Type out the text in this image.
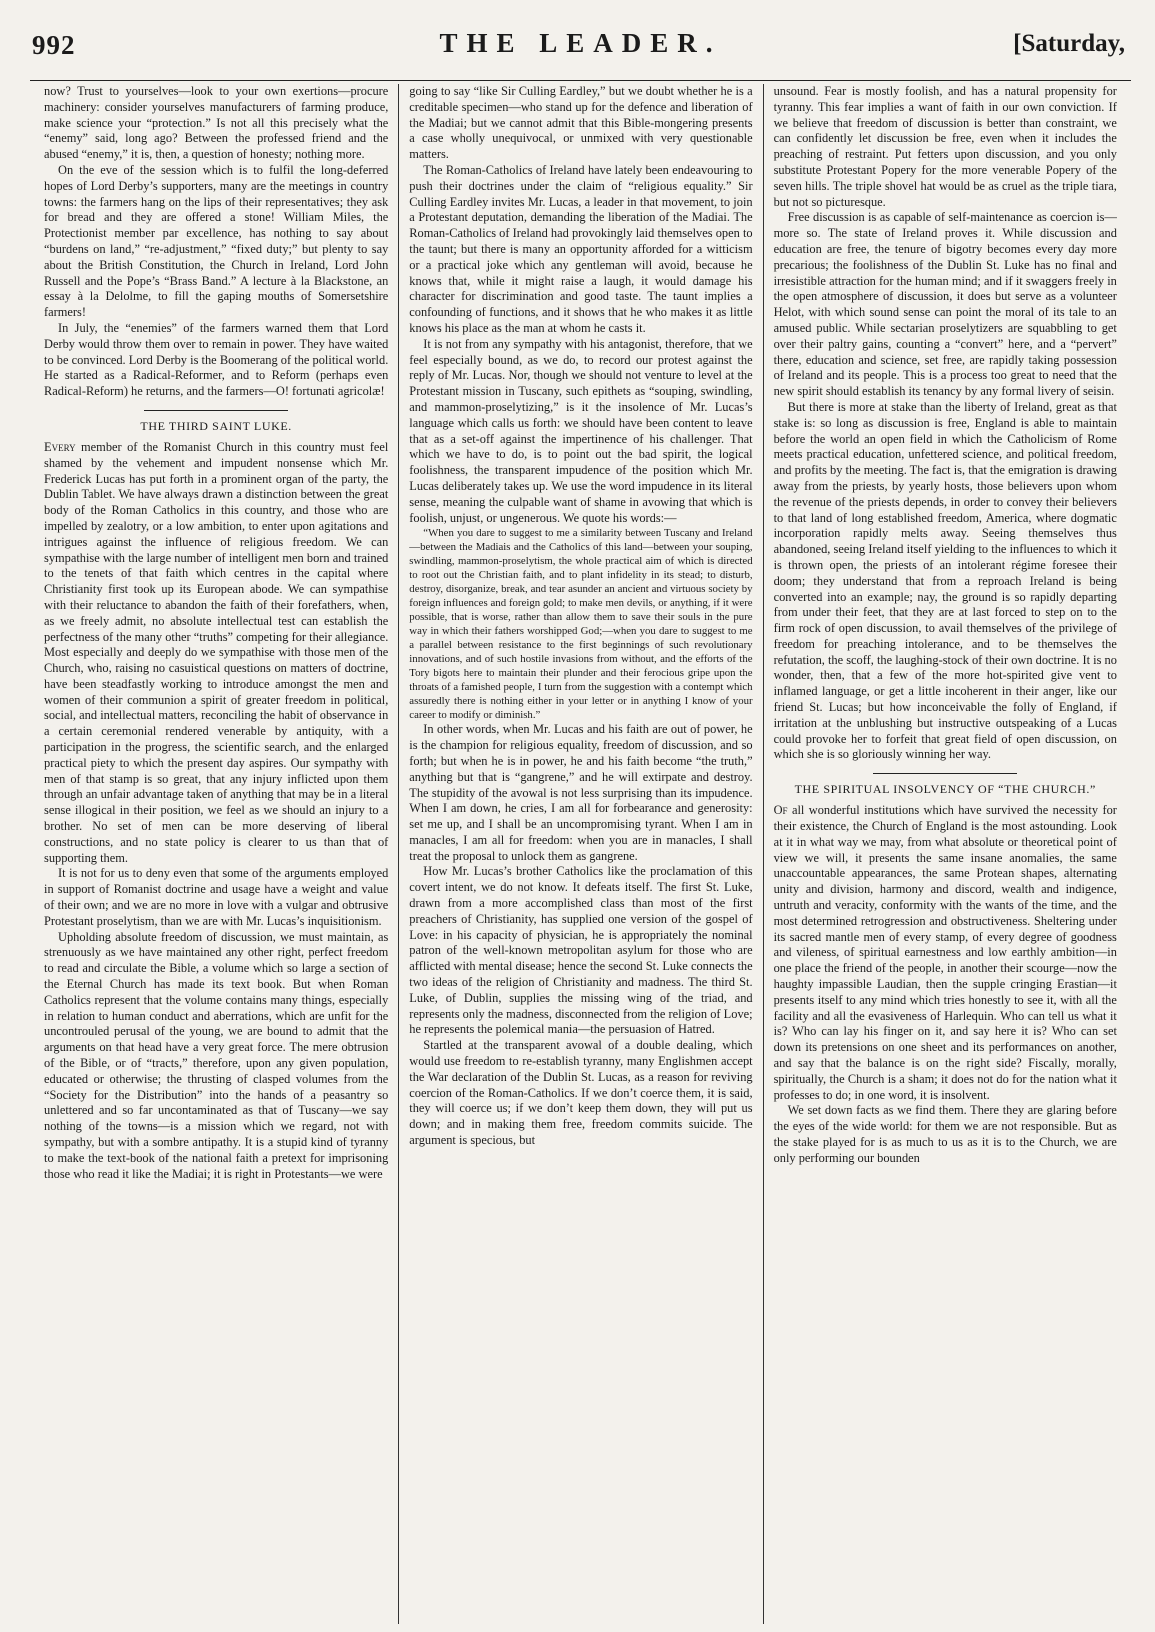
992	THE LEADER.	[Saturday,

now? Trust to yourselves—look to your own exertions—procure machinery: consider yourselves manufacturers of farming produce, make science your “protection.” Is not all this precisely what the “enemy” said, long ago? Between the professed friend and the abused “enemy,” it is, then, a question of honesty; nothing more.

On the eve of the session which is to fulfil the long-deferred hopes of Lord Derby’s supporters, many are the meetings in country towns: the farmers hang on the lips of their representatives; they ask for bread and they are offered a stone! William Miles, the Protectionist member par excellence, has nothing to say about “burdens on land,” “re-adjustment,” “fixed duty;” but plenty to say about the British Constitution, the Church in Ireland, Lord John Russell and the Pope’s “Brass Band.” A lecture à la Blackstone, an essay à la Delolme, to fill the gaping mouths of Somersetshire farmers!

In July, the “enemies” of the farmers warned them that Lord Derby would throw them over to remain in power. They have waited to be convinced. Lord Derby is the Boomerang of the political world. He started as a Radical-Reformer, and to Reform (perhaps even Radical-Reform) he returns, and the farmers—O! fortunati agricolæ!

THE THIRD SAINT LUKE.

Every member of the Romanist Church in this country must feel shamed by the vehement and impudent nonsense which Mr. Frederick Lucas has put forth in a prominent organ of the party, the Dublin Tablet. We have always drawn a distinction between the great body of the Roman Catholics in this country, and those who are impelled by zealotry, or a low ambition, to enter upon agitations and intrigues against the influence of religious freedom. We can sympathise with the large number of intelligent men born and trained to the tenets of that faith which centres in the capital where Christianity first took up its European abode. We can sympathise with their reluctance to abandon the faith of their forefathers, when, as we freely admit, no absolute intellectual test can establish the perfectness of the many other “truths” competing for their allegiance. Most especially and deeply do we sympathise with those men of the Church, who, raising no casuistical questions on matters of doctrine, have been steadfastly working to introduce amongst the men and women of their communion a spirit of greater freedom in political, social, and intellectual matters, reconciling the habit of observance in a certain ceremonial rendered venerable by antiquity, with a participation in the progress, the scientific search, and the enlarged practical piety to which the present day aspires. Our sympathy with men of that stamp is so great, that any injury inflicted upon them through an unfair advantage taken of anything that may be in a literal sense illogical in their position, we feel as we should an injury to a brother. No set of men can be more deserving of liberal constructions, and no state policy is clearer to us than that of supporting them.

It is not for us to deny even that some of the arguments employed in support of Romanist doctrine and usage have a weight and value of their own; and we are no more in love with a vulgar and obtrusive Protestant proselytism, than we are with Mr. Lucas’s inquisitionism.

Upholding absolute freedom of discussion, we must maintain, as strenuously as we have maintained any other right, perfect freedom to read and circulate the Bible, a volume which so large a section of the Eternal Church has made its text book. But when Roman Catholics represent that the volume contains many things, especially in relation to human conduct and aberrations, which are unfit for the uncontrouled perusal of the young, we are bound to admit that the arguments on that head have a very great force. The mere obtrusion of the Bible, or of “tracts,” therefore, upon any given population, educated or otherwise; the thrusting of clasped volumes from the “Society for the Distribution” into the hands of a peasantry so unlettered and so far uncontaminated as that of Tuscany—we say nothing of the towns—is a mission which we regard, not with sympathy, but with a sombre antipathy. It is a stupid kind of tyranny to make the text-book of the national faith a pretext for imprisoning those who read it like the Madiai; it is right in Protestants—we were

going to say “like Sir Culling Eardley,” but we doubt whether he is a creditable specimen—who stand up for the defence and liberation of the Madiai; but we cannot admit that this Bible-mongering presents a case wholly unequivocal, or unmixed with very questionable matters.

The Roman-Catholics of Ireland have lately been endeavouring to push their doctrines under the claim of “religious equality.” Sir Culling Eardley invites Mr. Lucas, a leader in that movement, to join a Protestant deputation, demanding the liberation of the Madiai. The Roman-Catholics of Ireland had provokingly laid themselves open to the taunt; but there is many an opportunity afforded for a witticism or a practical joke which any gentleman will avoid, because he knows that, while it might raise a laugh, it would damage his character for discrimination and good taste. The taunt implies a confounding of functions, and it shows that he who makes it as little knows his place as the man at whom he casts it.

It is not from any sympathy with his antagonist, therefore, that we feel especially bound, as we do, to record our protest against the reply of Mr. Lucas. Nor, though we should not venture to level at the Protestant mission in Tuscany, such epithets as “souping, swindling, and mammon-proselytizing,” is it the insolence of Mr. Lucas’s language which calls us forth: we should have been content to leave that as a set-off against the impertinence of his challenger. That which we have to do, is to point out the bad spirit, the logical foolishness, the transparent impudence of the position which Mr. Lucas deliberately takes up. We use the word impudence in its literal sense, meaning the culpable want of shame in avowing that which is foolish, unjust, or ungenerous. We quote his words:—

“When you dare to suggest to me a similarity between Tuscany and Ireland—between the Madiais and the Catholics of this land—between your souping, swindling, mammon-proselytism, the whole practical aim of which is directed to root out the Christian faith, and to plant infidelity in its stead; to disturb, destroy, disorganize, break, and tear asunder an ancient and virtuous society by foreign influences and foreign gold; to make men devils, or anything, if it were possible, that is worse, rather than allow them to save their souls in the pure way in which their fathers worshipped God;—when you dare to suggest to me a parallel between resistance to the first beginnings of such revolutionary innovations, and of such hostile invasions from without, and the efforts of the Tory bigots here to maintain their plunder and their ferocious gripe upon the throats of a famished people, I turn from the suggestion with a contempt which assuredly there is nothing either in your letter or in anything I know of your career to modify or diminish.”

In other words, when Mr. Lucas and his faith are out of power, he is the champion for religious equality, freedom of discussion, and so forth; but when he is in power, he and his faith become “the truth,” anything but that is “gangrene,” and he will extirpate and destroy. The stupidity of the avowal is not less surprising than its impudence. When I am down, he cries, I am all for forbearance and generosity: set me up, and I shall be an uncompromising tyrant. When I am in manacles, I am all for freedom: when you are in manacles, I shall treat the proposal to unlock them as gangrene.

How Mr. Lucas’s brother Catholics like the proclamation of this covert intent, we do not know. It defeats itself. The first St. Luke, drawn from a more accomplished class than most of the first preachers of Christianity, has supplied one version of the gospel of Love: in his capacity of physician, he is appropriately the nominal patron of the well-known metropolitan asylum for those who are afflicted with mental disease; hence the second St. Luke connects the two ideas of the religion of Christianity and madness. The third St. Luke, of Dublin, supplies the missing wing of the triad, and represents only the madness, disconnected from the religion of Love; he represents the polemical mania—the persuasion of Hatred.

Startled at the transparent avowal of a double dealing, which would use freedom to re-establish tyranny, many Englishmen accept the War declaration of the Dublin St. Lucas, as a reason for reviving coercion of the Roman-Catholics. If we don’t coerce them, it is said, they will coerce us; if we don’t keep them down, they will put us down; and in making them free, freedom commits suicide. The argument is specious, but

unsound. Fear is mostly foolish, and has a natural propensity for tyranny. This fear implies a want of faith in our own conviction. If we believe that freedom of discussion is better than constraint, we can confidently let discussion be free, even when it includes the preaching of restraint. Put fetters upon discussion, and you only substitute Protestant Popery for the more venerable Popery of the seven hills. The triple shovel hat would be as cruel as the triple tiara, but not so picturesque.

Free discussion is as capable of self-maintenance as coercion is—more so. The state of Ireland proves it. While discussion and education are free, the tenure of bigotry becomes every day more precarious; the foolishness of the Dublin St. Luke has no final and irresistible attraction for the human mind; and if it swaggers freely in the open atmosphere of discussion, it does but serve as a volunteer Helot, with which sound sense can point the moral of its tale to an amused public. While sectarian proselytizers are squabbling to get over their paltry gains, counting a “convert” here, and a “pervert” there, education and science, set free, are rapidly taking possession of Ireland and its people. This is a process too great to need that the new spirit should establish its tenancy by any formal livery of seisin.

But there is more at stake than the liberty of Ireland, great as that stake is: so long as discussion is free, England is able to maintain before the world an open field in which the Catholicism of Rome meets practical education, unfettered science, and political freedom, and profits by the meeting. The fact is, that the emigration is drawing away from the priests, by yearly hosts, those believers upon whom the revenue of the priests depends, in order to convey their believers to that land of long established freedom, America, where dogmatic incorporation rapidly melts away. Seeing themselves thus abandoned, seeing Ireland itself yielding to the influences to which it is thrown open, the priests of an intolerant régime foresee their doom; they understand that from a reproach Ireland is being converted into an example; nay, the ground is so rapidly departing from under their feet, that they are at last forced to step on to the firm rock of open discussion, to avail themselves of the privilege of freedom for preaching intolerance, and to be themselves the refutation, the scoff, the laughing-stock of their own doctrine. It is no wonder, then, that a few of the more hot-spirited give vent to inflamed language, or get a little incoherent in their anger, like our friend St. Lucas; but how inconceivable the folly of England, if irritation at the unblushing but instructive outspeaking of a Lucas could provoke her to forfeit that great field of open discussion, on which she is so gloriously winning her way.

THE SPIRITUAL INSOLVENCY OF “THE CHURCH.”

Of all wonderful institutions which have survived the necessity for their existence, the Church of England is the most astounding. Look at it in what way we may, from what absolute or theoretical point of view we will, it presents the same insane anomalies, the same unaccountable appearances, the same Protean shapes, alternating unity and division, harmony and discord, wealth and indigence, untruth and veracity, conformity with the wants of the time, and the most determined retrogression and obstructiveness. Sheltering under its sacred mantle men of every stamp, of every degree of goodness and vileness, of spiritual earnestness and low earthly ambition—in one place the friend of the people, in another their scourge—now the haughty impassible Laudian, then the supple cringing Erastian—it presents itself to any mind which tries honestly to see it, with all the facility and all the evasiveness of Harlequin. Who can tell us what it is? Who can lay his finger on it, and say here it is? Who can set down its pretensions on one sheet and its performances on another, and say that the balance is on the right side? Fiscally, morally, spiritually, the Church is a sham; it does not do for the nation what it professes to do; in one word, it is insolvent.

We set down facts as we find them. There they are glaring before the eyes of the wide world: for them we are not responsible. But as the stake played for is as much to us as it is to the Church, we are only performing our bounden
